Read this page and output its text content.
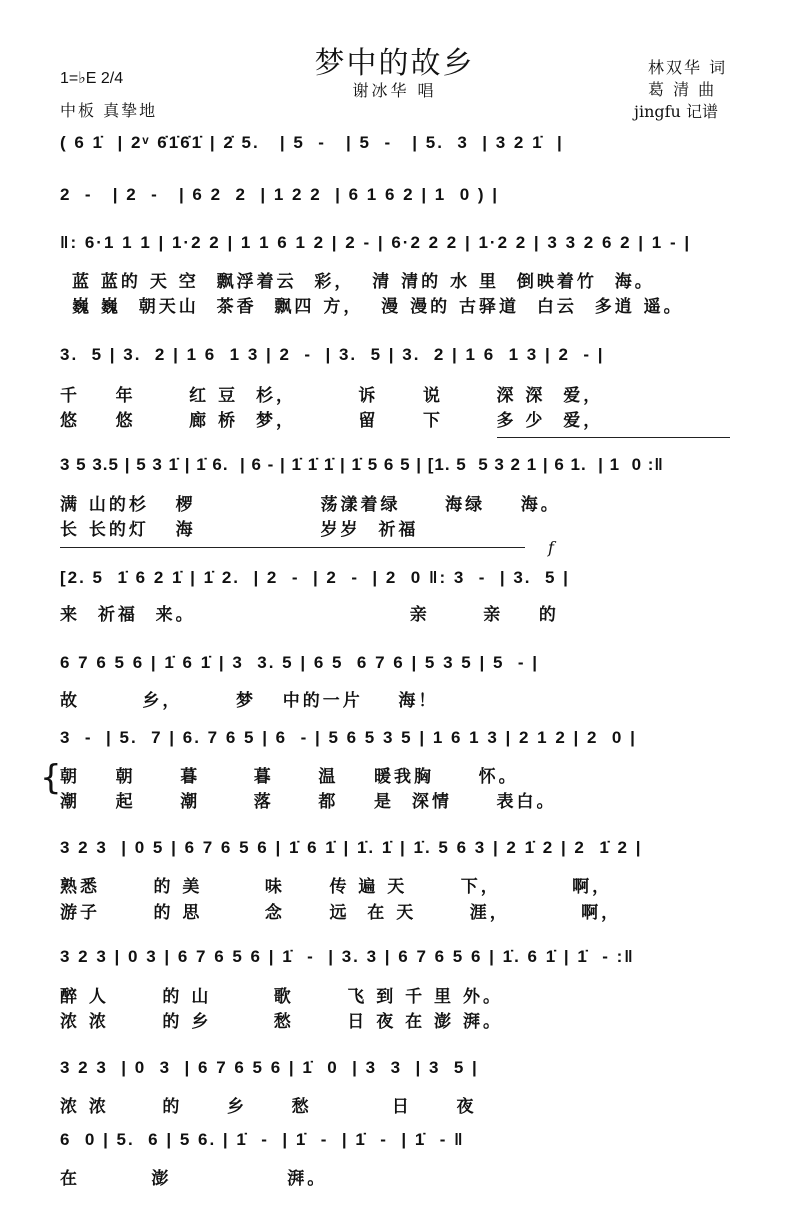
梦中的故乡
谢冰华 唱
林双华 词
葛 清 曲
jingfu 记谱
1=♭E 2/4
中板 真挚地
( 6 1̇  | 2ᵛ 6̇1̇6̇1̇ | 2̇ 5.   | 5  -   | 5  -   | 5.  3  | 3 2 1̇  |
2  -   | 2  -   | 6 2  2  | 1 2 2  | 6 1 6 2 | 1  0 ) |
‖: 6·1 1 1 | 1·2 2 | 1 1 6 1 2 | 2 - | 6·2 2 2 | 1·2 2 | 3 3 2 6 2 | 1 - |
蓝 蓝的 天 空  飘浮着云  彩，  清 清的 水 里  倒映着竹  海。
巍 巍  朝天山  茶香  飘四 方，  漫 漫的 古驿道  白云  多逍 遥。
3.  5 | 3.  2 | 1 6  1 3 | 2  -  | 3.  5 | 3.  2 | 1 6  1 3 | 2  - |
千    年      红 豆  杉，       诉     说      深 深  爱，
悠    悠      廊 桥  梦，       留     下      多 少  爱，
3 5 3.5 | 5 3 1̇ | 1̇ 6.  | 6 - | 1̇ 1̇ 1̇ | 1̇ 5 6 5 | [1. 5  5 3 2 1 | 6 1.  | 1  0 :‖
满 山的杉   椤              荡漾着绿     海绿    海。
长 长的灯   海              岁岁  祈福
f
[2. 5  1̇ 6 2 1̇ | 1̇ 2.  | 2  -  | 2  -  | 2  0 ‖: 3  -  | 3.  5 |
来  祈福  来。                        亲      亲    的
6 7 6 5 6 | 1̇ 6 1̇ | 3  3. 5 | 6 5  6 7 6 | 5 3 5 | 5  - |
故       乡，      梦   中的一片    海！
3  -  | 5.  7 | 6. 7 6 5 | 6  - | 5 6 5 3 5 | 1 6 1 3 | 2 1 2 | 2  0 |
{
朝    朝     暮      暮     温    暖我胸     怀。
潮    起     潮      落     都    是  深情     表白。
3 2 3  | 0 5 | 6 7 6 5 6 | 1̇ 6 1̇ | 1̇. 1̇ | 1̇. 5 6 3 | 2 1̇ 2 | 2  1̇ 2 |
熟悉      的 美       味     传 遍 天      下，        啊，
游子      的 思       念     远  在 天      涯，        啊，
3 2 3 | 0 3 | 6 7 6 5 6 | 1̇  -  | 3. 3 | 6 7 6 5 6 | 1̇. 6 1̇ | 1̇  - :‖
醉 人      的 山       歌      飞 到 千 里 外。
浓 浓      的 乡       愁      日 夜 在 澎 湃。
3 2 3  | 0  3  | 6 7 6 5 6 | 1̇  0  | 3  3  | 3  5 |
浓 浓      的     乡     愁         日     夜
6  0 | 5.  6 | 5 6. | 1̇  -  | 1̇  -  | 1̇  -  | 1̇  - ‖
在        澎             湃。
